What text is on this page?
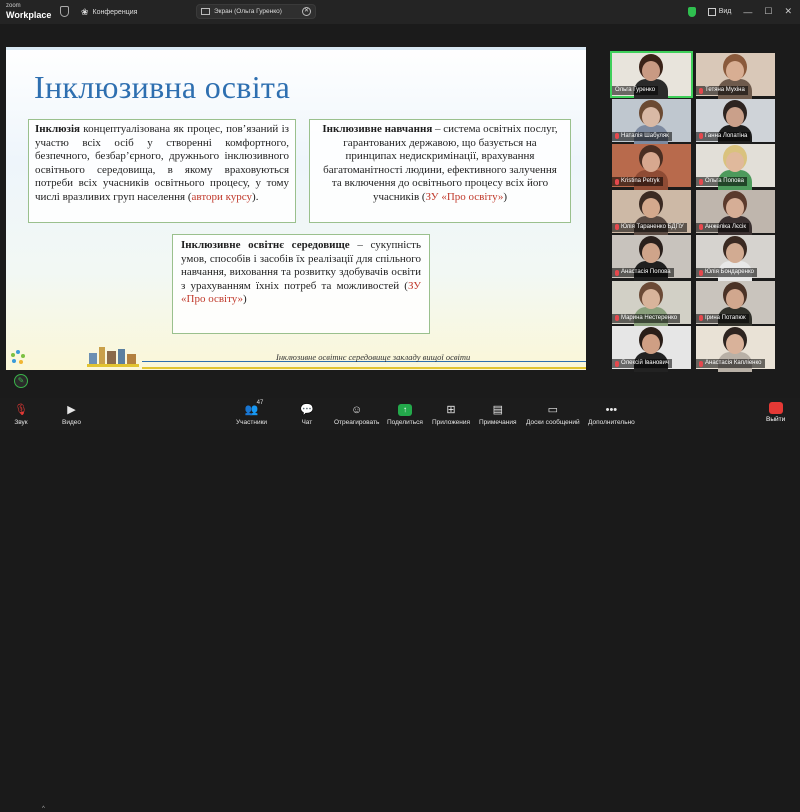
zoom
Workplace	❀ Конференция	Экран (Ольга Гуренко)	✕	Вид — ☐ ✕
Інклюзивна освіта
Інклюзія концептуалізована як процес, пов’язаний із участю всіх осіб у створенні комфортного, безпечного, безбар’єрного, дружнього інклюзивного освітнього середовища, в якому враховуються потреби всіх учасників освітнього процесу, у тому числі вразливих груп населення (автори курсу).
Інклюзивне навчання – система освітніх послуг, гарантованих державою, що базується на принципах недискримінації, врахування багатоманітності людини, ефективного залучення та включення до освітнього процесу всіх його учасників (ЗУ «Про освіту»)
Інклюзивне освітнє середовище – сукупність умов, способів і засобів їх реалізації для спільного навчання, виховання та розвитку здобувачів освіти з урахуванням їхніх потреб та можливостей (ЗУ «Про освіту»)
Інклюзивне освітнє середовище закладу вищої освіти
Ольга Гуренко	Тетяна Мухіна
Наталія Шабуляк	Ганна Лопатіна
Kristina Petryk	Ольга Попова
Юлія Тараненко БДПУ	Анжеліка Лєсік
Анастасія Попова	Юлія Бондаренко
Марина Нестеренко	Ірина Потапюк
Олексій Іванович	Анастасія Капліенко
✎
🎙
Звук
^
▶
Видео
👥
47
Участники
💬
Чат
☺
Отреагировать
↑
Поделиться
⊞
Приложения
▤
Примечания
▭
Доски сообщений
•••
Дополнительно	Выйти
